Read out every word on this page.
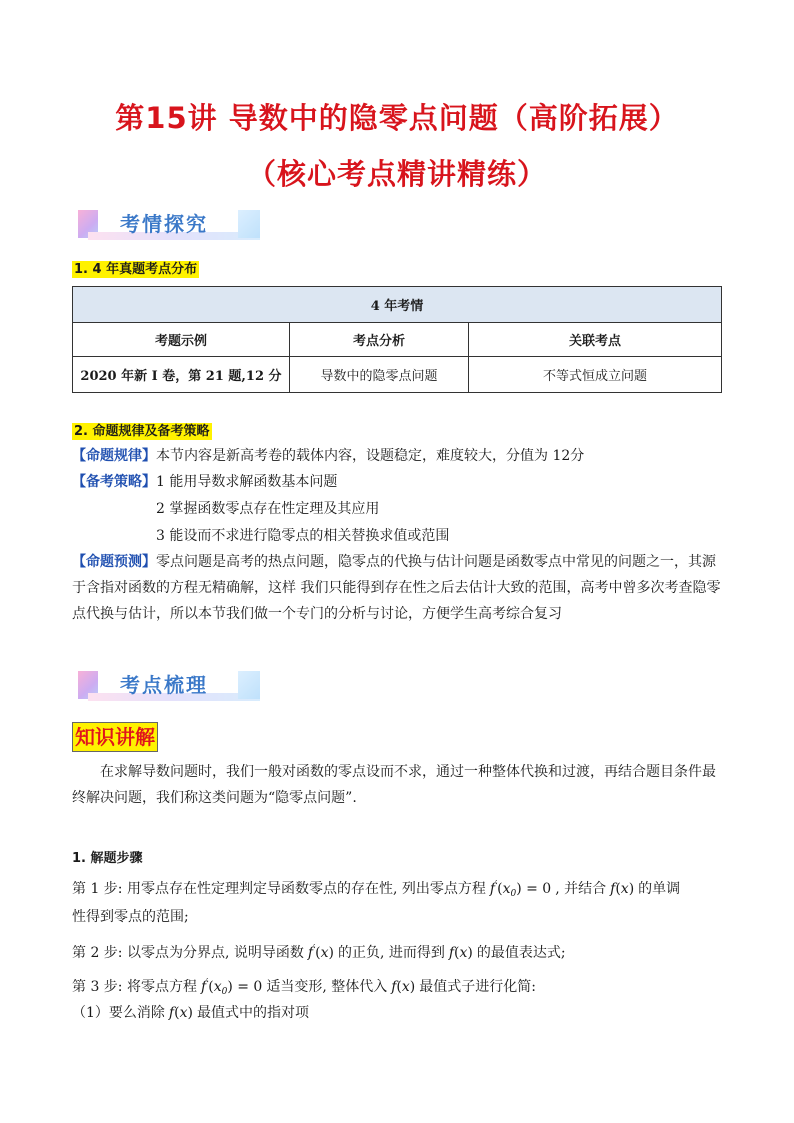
第15讲 导数中的隐零点问题（高阶拓展）
（核心考点精讲精练）
考情探究
1. 4 年真题考点分布
4 年考情		
考题示例	考点分析	关联考点
2020 年新 I 卷，第 21 题,12 分	导数中的隐零点问题	不等式恒成立问题
2. 命题规律及备考策略
【命题规律】本节内容是新高考卷的载体内容，设题稳定，难度较大，分值为 12分
【备考策略】1 能用导数求解函数基本问题
2 掌握函数零点存在性定理及其应用
3 能设而不求进行隐零点的相关替换求值或范围
【命题预测】零点问题是高考的热点问题，隐零点的代换与估计问题是函数零点中常见的问题之一，其源
于含指对函数的方程无精确解，这样 我们只能得到存在性之后去估计大致的范围，高考中曾多次考查隐零
点代换与估计，所以本节我们做一个专门的分析与讨论，方便学生高考综合复习
考点梳理
知识讲解
在求解导数问题时，我们一般对函数的零点设而不求，通过一种整体代换和过渡，再结合题目条件最
终解决问题，我们称这类问题为“隐零点问题”.
1. 解题步骤
第 1 步: 用零点存在性定理判定导函数零点的存在性, 列出零点方程 $f'(x_0) = 0$ , 并结合 f(x) 的单调
性得到零点的范围;
第 2 步: 以零点为分界点, 说明导函数 f′(x) 的正负, 进而得到 f(x) 的最值表达式;
第 3 步: 将零点方程 $f'(x_0) = 0$ 适当变形, 整体代入 f(x) 最值式子进行化简:
（1）要么消除 f(x) 最值式中的指对项
